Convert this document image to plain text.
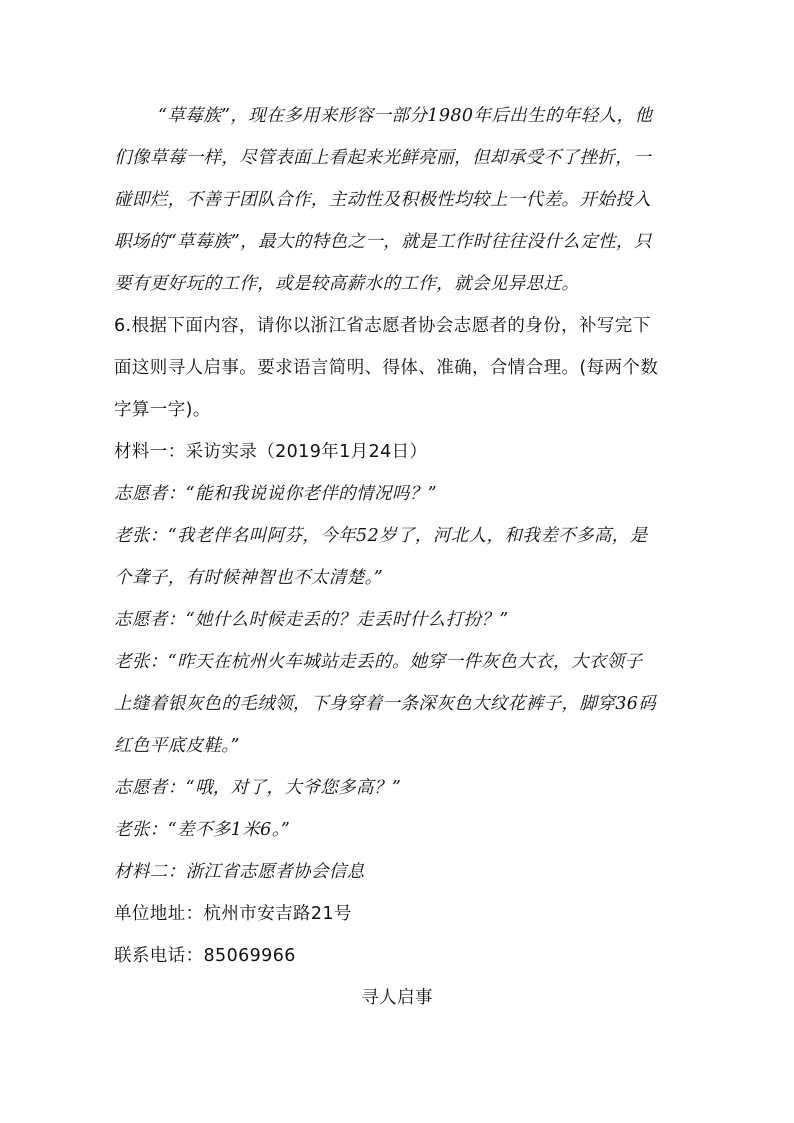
“草莓族”，现在多用来形容一部分1980年后出生的年轻人，他
们像草莓一样，尽管表面上看起来光鲜亮丽，但却承受不了挫折，一
碰即烂，不善于团队合作，主动性及积极性均较上一代差。开始投入
职场的“草莓族”，最大的特色之一，就是工作时往往没什么定性，只
要有更好玩的工作，或是较高薪水的工作，就会见异思迁。
6.根据下面内容，请你以浙江省志愿者协会志愿者的身份，补写完下
面这则寻人启事。要求语言简明、得体、准确，合情合理。(每两个数
字算一字)。
材料一：采访实录（2019年1月24日）
志愿者：“能和我说说你老伴的情况吗？”
老张：“我老伴名叫阿芬，今年52岁了，河北人，和我差不多高，是
个聋子，有时候神智也不太清楚。”
志愿者：“她什么时候走丢的？走丢时什么打扮？”
老张：“昨天在杭州火车城站走丢的。她穿一件灰色大衣，大衣领子
上缝着银灰色的毛绒领，下身穿着一条深灰色大纹花裤子，脚穿36码
红色平底皮鞋。”
志愿者：“哦，对了，大爷您多高？”
老张：“差不多1米6。”
材料二：浙江省志愿者协会信息
单位地址：杭州市安吉路21号
联系电话：85069966
寻人启事
